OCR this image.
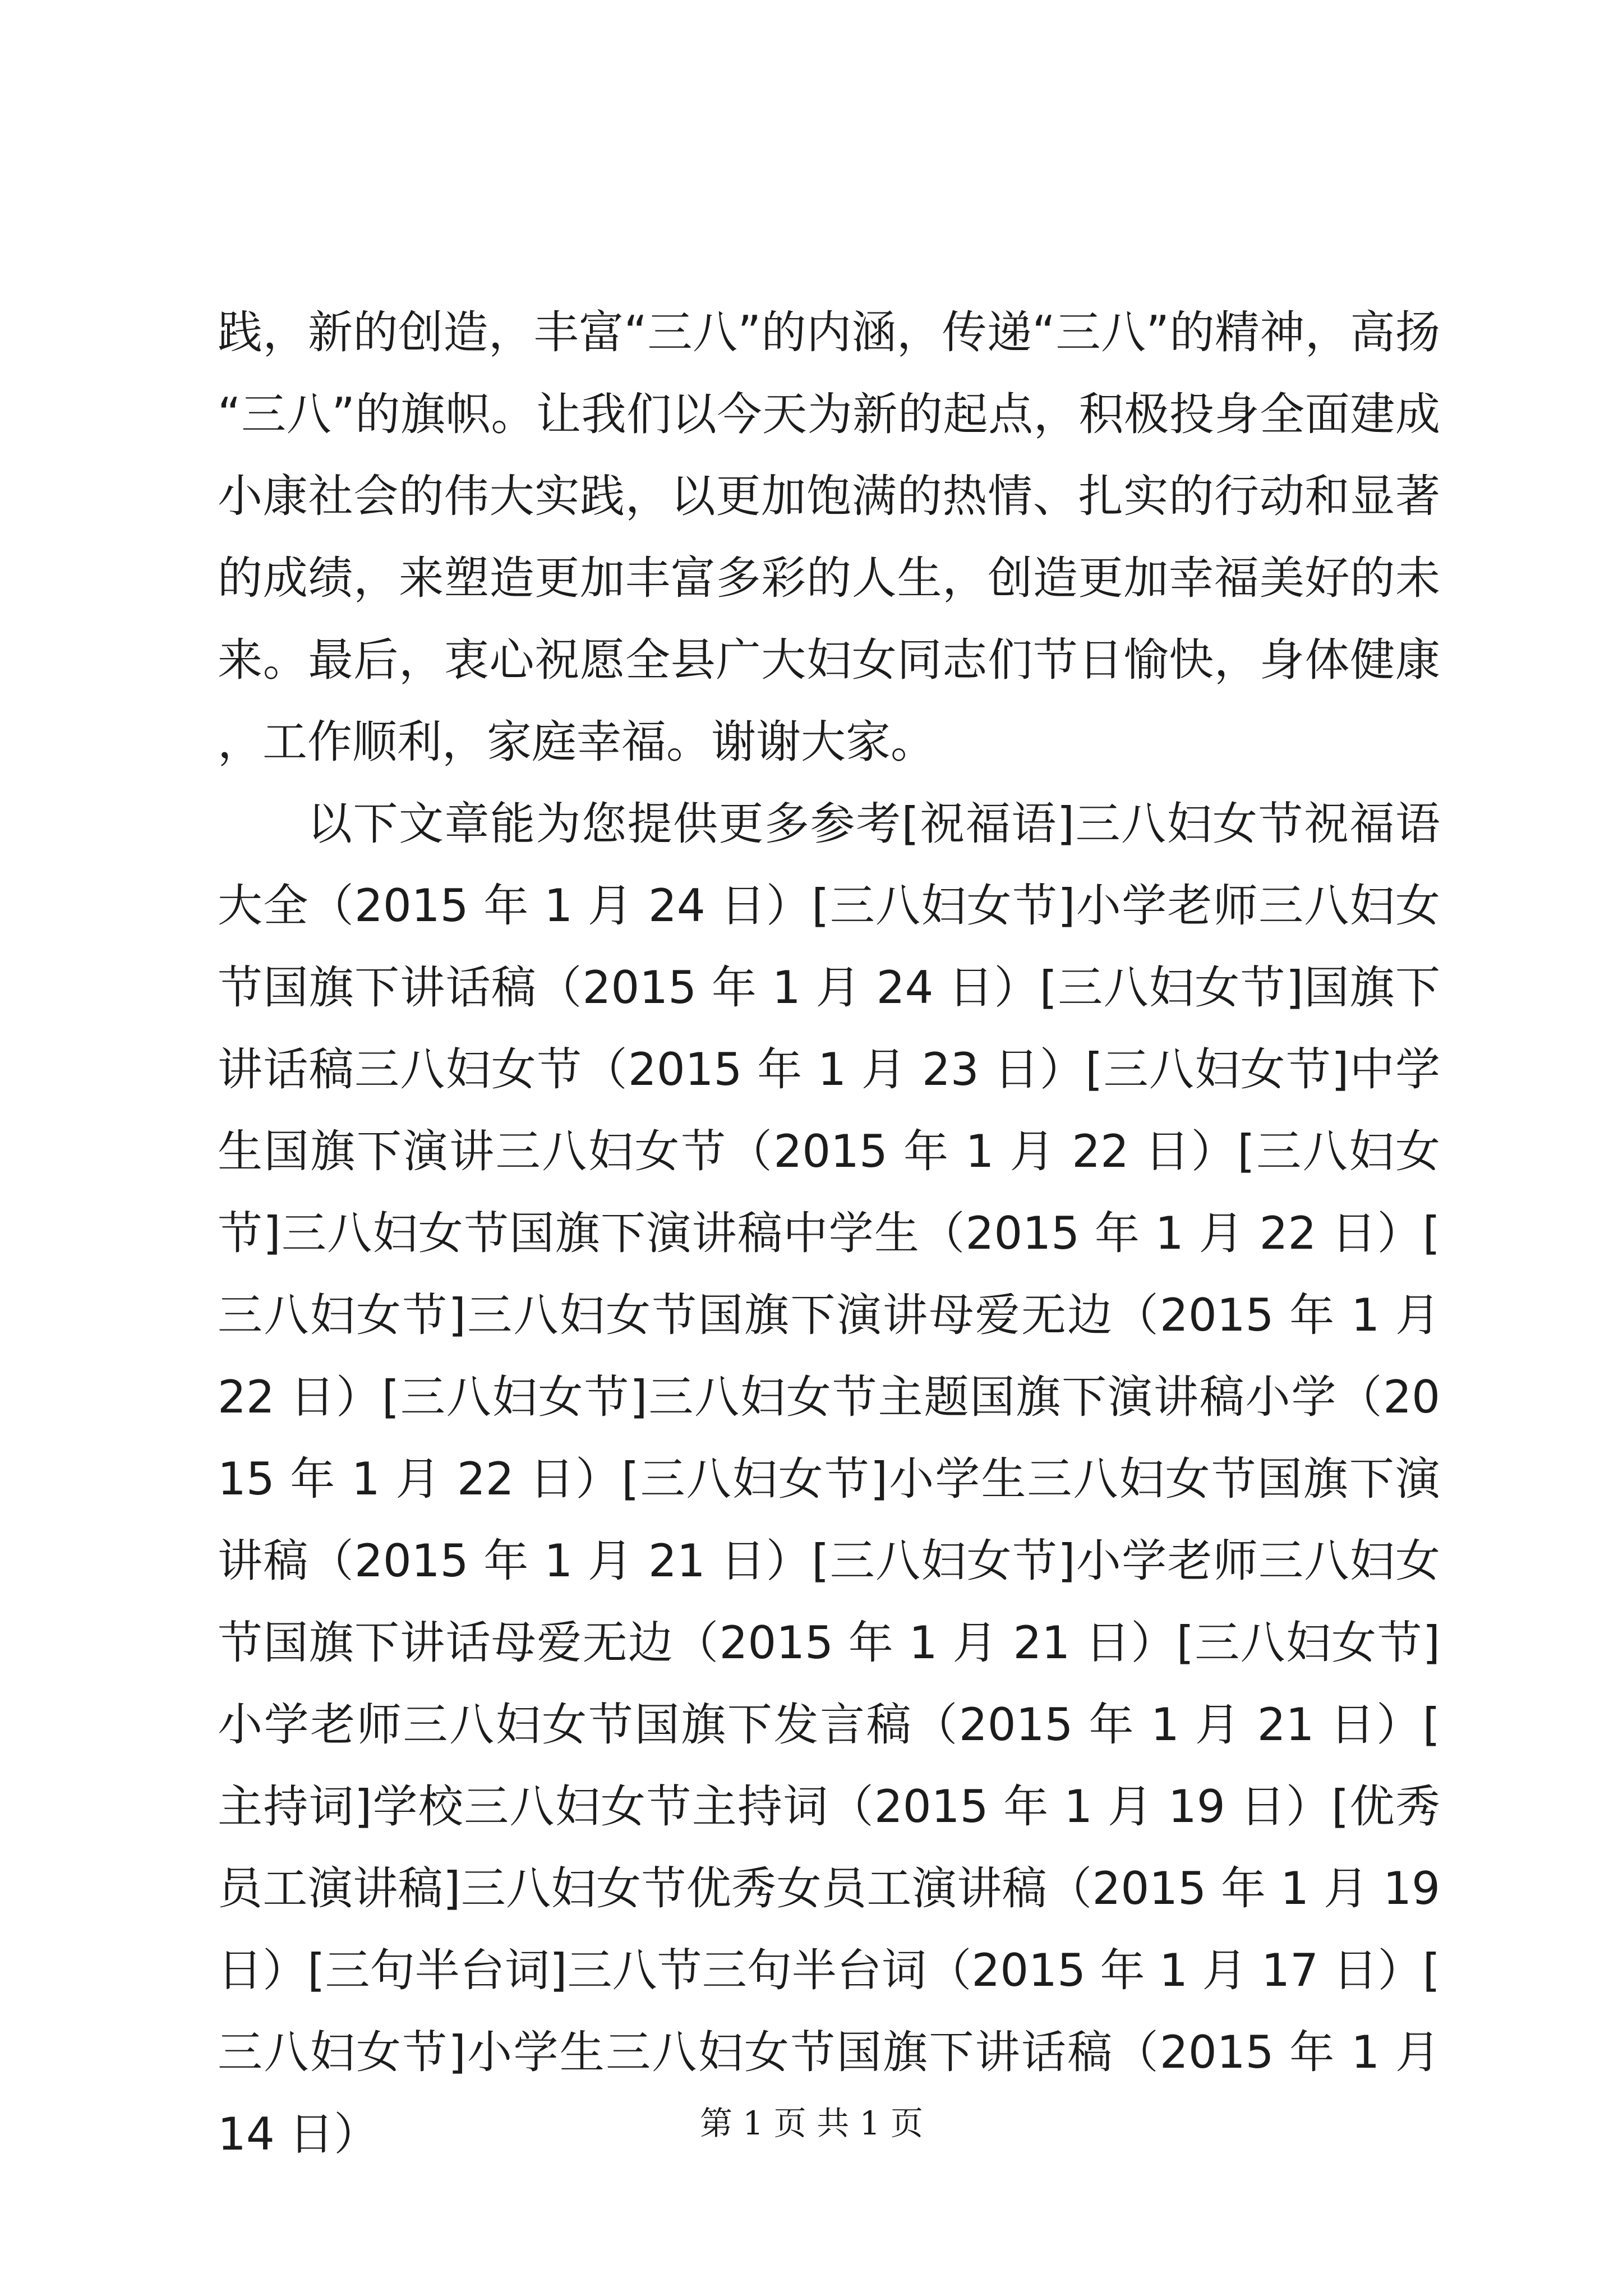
践，新的创造，丰富“三八”的内涵，传递“三八”的精神，高扬“三八”的旗帜。让我们以今天为新的起点，积极投身全面建成小康社会的伟大实践，以更加饱满的热情、扎实的行动和显著的成绩，来塑造更加丰富多彩的人生，创造更加幸福美好的未来。最后，衷心祝愿全县广大妇女同志们节日愉快，身体健康，工作顺利，家庭幸福。谢谢大家。

以下文章能为您提供更多参考[祝福语]三八妇女节祝福语大全（2015 年 1 月 24 日）[三八妇女节]小学老师三八妇女节国旗下讲话稿（2015 年 1 月 24 日）[三八妇女节]国旗下讲话稿三八妇女节（2015 年 1 月 23 日）[三八妇女节]中学生国旗下演讲三八妇女节（2015 年 1 月 22 日）[三八妇女节]三八妇女节国旗下演讲稿中学生（2015 年 1 月 22 日）[三八妇女节]三八妇女节国旗下演讲母爱无边（2015 年 1 月 22 日）[三八妇女节]三八妇女节主题国旗下演讲稿小学（2015 年 1 月 22 日）[三八妇女节]小学生三八妇女节国旗下演讲稿（2015 年 1 月 21 日）[三八妇女节]小学老师三八妇女节国旗下讲话母爱无边（2015 年 1 月 21 日）[三八妇女节]小学老师三八妇女节国旗下发言稿（2015 年 1 月 21 日）[主持词]学校三八妇女节主持词（2015 年 1 月 19 日）[优秀员工演讲稿]三八妇女节优秀女员工演讲稿（2015 年 1 月 19 日）[三句半台词]三八节三句半台词（2015 年 1 月 17 日）[三八妇女节]小学生三八妇女节国旗下讲话稿（2015 年 1 月 14 日）	第 1 页 共 1 页
